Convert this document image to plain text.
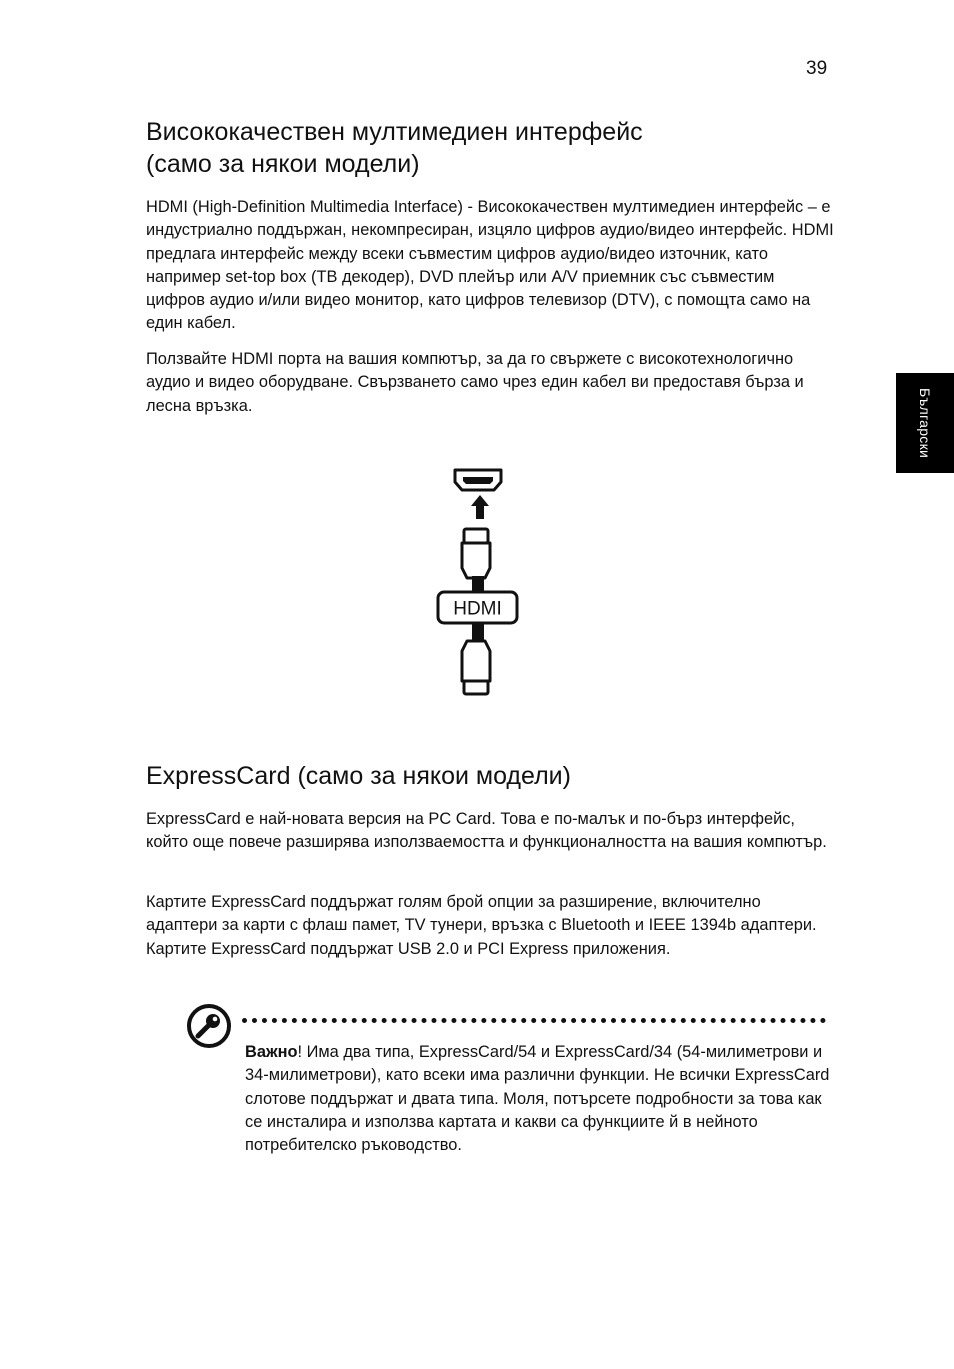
39
Български
Висококачествен мултимедиен интерфейс
(само за някои модели)

HDMI (High-Definition Multimedia Interface) - Висококачествен мултимедиен интерфейс – е индустриално поддържан, некомпресиран, изцяло цифров аудио/видео интерфейс. HDMI предлага интерфейс между всеки съвместим цифров аудио/видео източник, като например set-top box (ТВ декодер), DVD плейър или A/V приемник със съвместим цифров аудио и/или видео монитор, като цифров телевизор (DTV), с помощта само на един кабел.

Ползвайте HDMI порта на вашия компютър, за да го свържете с високотехнологично аудио и видео оборудване. Свързването само чрез един кабел ви предоставя бърза и лесна връзка.

HDMI
ExpressCard (само за някои модели)

ExpressCard е най-новата версия на PC Card. Това е по-малък и по-бърз интерфейс, който още повече разширява използваемостта и функционалността на вашия компютър.

Картите ExpressCard поддържат голям брой опции за разширение, включително адаптери за карти с флаш памет, TV тунери, връзка с Bluetooth и IEEE 1394b адаптери. Картите ExpressCard поддържат USB 2.0 и PCI Express приложения.

Важно! Има два типа, ExpressCard/54 и ExpressCard/34 (54-милиметрови и 34-милиметрови), като всеки има различни функции. Не всички ExpressCard слотове поддържат и двата типа. Моля, потърсете подробности за това как се инсталира и използва картата и какви са функциите й в нейното потребителско ръководство.
